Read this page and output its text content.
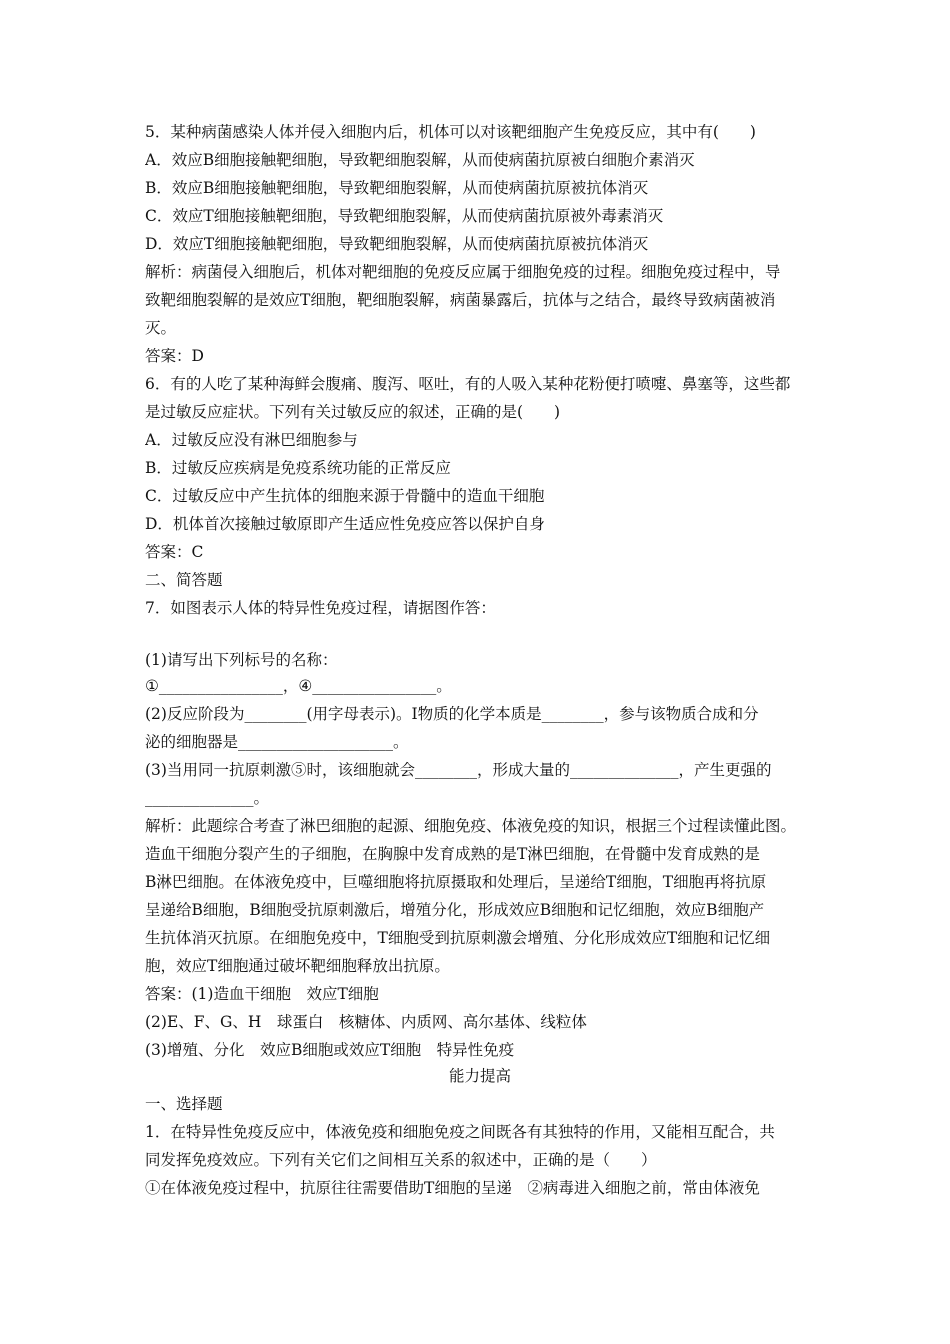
5．某种病菌感染人体并侵入细胞内后，机体可以对该靶细胞产生免疫反应，其中有(　　)
A．效应B细胞接触靶细胞，导致靶细胞裂解，从而使病菌抗原被白细胞介素消灭
B．效应B细胞接触靶细胞，导致靶细胞裂解，从而使病菌抗原被抗体消灭
C．效应T细胞接触靶细胞，导致靶细胞裂解，从而使病菌抗原被外毒素消灭
D．效应T细胞接触靶细胞，导致靶细胞裂解，从而使病菌抗原被抗体消灭
解析：病菌侵入细胞后，机体对靶细胞的免疫反应属于细胞免疫的过程。细胞免疫过程中，导
致靶细胞裂解的是效应T细胞，靶细胞裂解，病菌暴露后，抗体与之结合，最终导致病菌被消
灭。
答案：D
6．有的人吃了某种海鲜会腹痛、腹泻、呕吐，有的人吸入某种花粉便打喷嚏、鼻塞等，这些都
是过敏反应症状。下列有关过敏反应的叙述，正确的是(　　)
A．过敏反应没有淋巴细胞参与
B．过敏反应疾病是免疫系统功能的正常反应
C．过敏反应中产生抗体的细胞来源于骨髓中的造血干细胞
D．机体首次接触过敏原即产生适应性免疫应答以保护自身
答案：C
二、简答题
7．如图表示人体的特异性免疫过程，请据图作答：
(1)请写出下列标号的名称：
①________________，④________________。
(2)反应阶段为________(用字母表示)。I物质的化学本质是________，参与该物质合成和分
泌的细胞器是____________________。
(3)当用同一抗原刺激⑤时，该细胞就会________，形成大量的______________，产生更强的
______________。
解析：此题综合考查了淋巴细胞的起源、细胞免疫、体液免疫的知识，根据三个过程读懂此图。
造血干细胞分裂产生的子细胞，在胸腺中发育成熟的是T淋巴细胞，在骨髓中发育成熟的是
B淋巴细胞。在体液免疫中，巨噬细胞将抗原摄取和处理后，呈递给T细胞，T细胞再将抗原
呈递给B细胞，B细胞受抗原刺激后，增殖分化，形成效应B细胞和记忆细胞，效应B细胞产
生抗体消灭抗原。在细胞免疫中，T细胞受到抗原刺激会增殖、分化形成效应T细胞和记忆细
胞，效应T细胞通过破坏靶细胞释放出抗原。
答案：(1)造血干细胞　效应T细胞
(2)E、F、G、H　球蛋白　核糖体、内质网、高尔基体、线粒体
(3)增殖、分化　效应B细胞或效应T细胞　特异性免疫
能力提高
一、选择题
1．在特异性免疫反应中，体液免疫和细胞免疫之间既各有其独特的作用，又能相互配合，共
同发挥免疫效应。下列有关它们之间相互关系的叙述中，正确的是（　　）
①在体液免疫过程中，抗原往往需要借助T细胞的呈递　②病毒进入细胞之前，常由体液免
